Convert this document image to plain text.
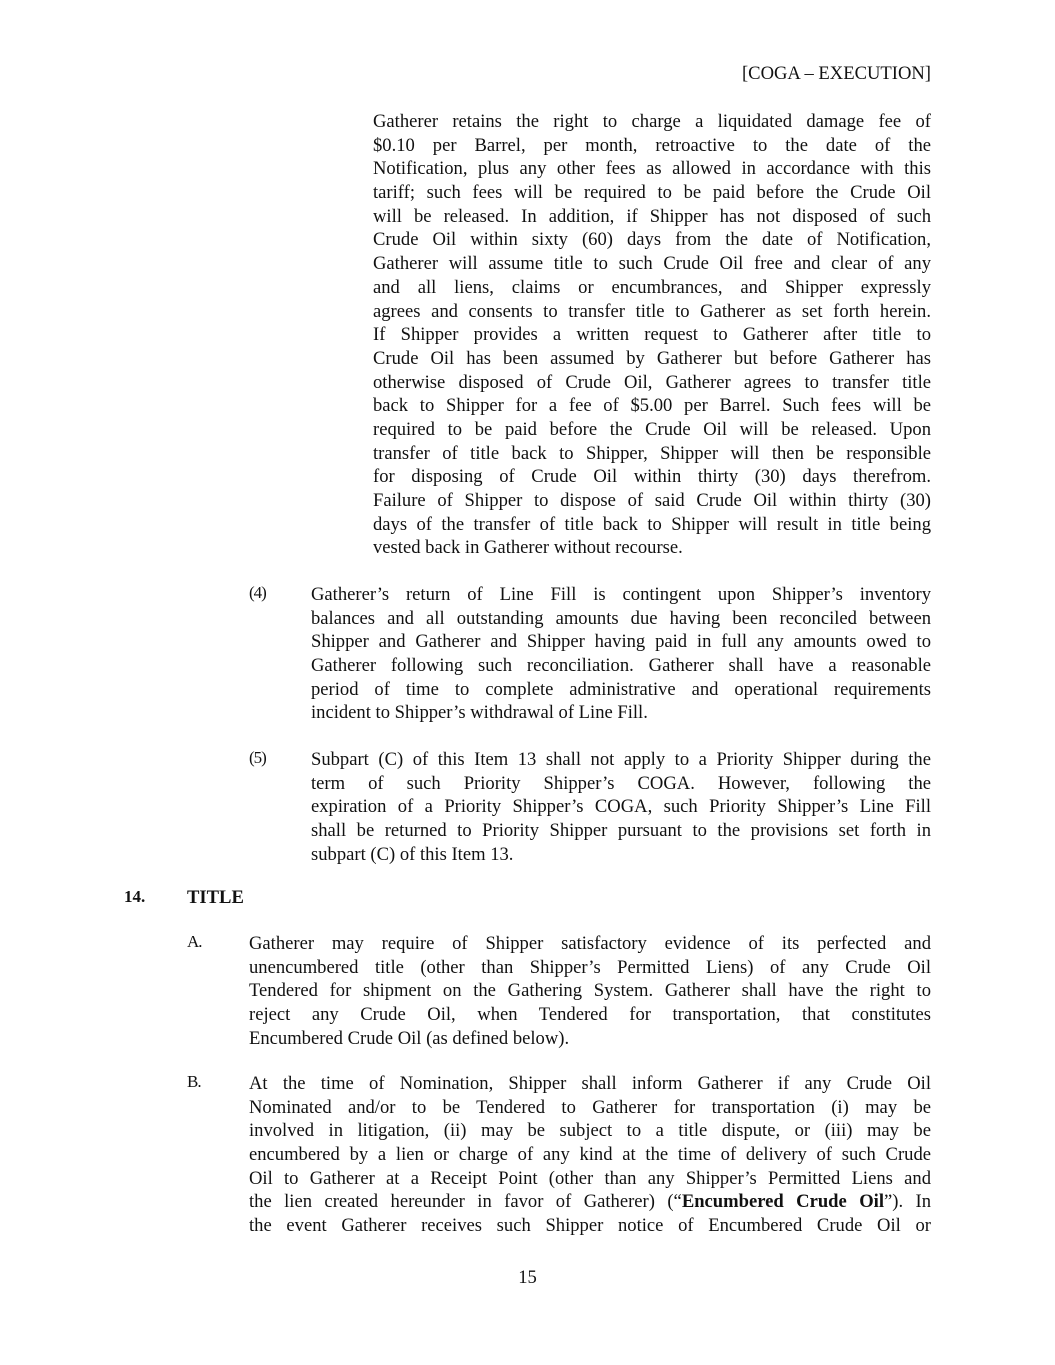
[COGA – EXECUTION]
Gatherer retains the right to charge a liquidated damage fee of
$0.10 per Barrel, per month, retroactive to the date of the
Notification, plus any other fees as allowed in accordance with this
tariff; such fees will be required to be paid before the Crude Oil
will be released. In addition, if Shipper has not disposed of such
Crude Oil within sixty (60) days from the date of Notification,
Gatherer will assume title to such Crude Oil free and clear of any
and all liens, claims or encumbrances, and Shipper expressly
agrees and consents to transfer title to Gatherer as set forth herein.
If Shipper provides a written request to Gatherer after title to
Crude Oil has been assumed by Gatherer but before Gatherer has
otherwise disposed of Crude Oil, Gatherer agrees to transfer title
back to Shipper for a fee of $5.00 per Barrel. Such fees will be
required to be paid before the Crude Oil will be released. Upon
transfer of title back to Shipper, Shipper will then be responsible
for disposing of Crude Oil within thirty (30) days therefrom.
Failure of Shipper to dispose of said Crude Oil within thirty (30)
days of the transfer of title back to Shipper will result in title being
vested back in Gatherer without recourse.
(4) Gatherer’s return of Line Fill is contingent upon Shipper’s inventory
balances and all outstanding amounts due having been reconciled between
Shipper and Gatherer and Shipper having paid in full any amounts owed to
Gatherer following such reconciliation. Gatherer shall have a reasonable
period of time to complete administrative and operational requirements
incident to Shipper’s withdrawal of Line Fill.
(5) Subpart (C) of this Item 13 shall not apply to a Priority Shipper during the
term of such Priority Shipper’s COGA. However, following the
expiration of a Priority Shipper’s COGA, such Priority Shipper’s Line Fill
shall be returned to Priority Shipper pursuant to the provisions set forth in
subpart (C) of this Item 13.
14. TITLE
A.	Gatherer may require of Shipper satisfactory evidence of its perfected and
unencumbered title (other than Shipper’s Permitted Liens) of any Crude Oil
Tendered for shipment on the Gathering System. Gatherer shall have the right to
reject any Crude Oil, when Tendered for transportation, that constitutes
Encumbered Crude Oil (as defined below).
B.	At the time of Nomination, Shipper shall inform Gatherer if any Crude Oil
Nominated and/or to be Tendered to Gatherer for transportation (i) may be
involved in litigation, (ii) may be subject to a title dispute, or (iii) may be
encumbered by a lien or charge of any kind at the time of delivery of such Crude
Oil to Gatherer at a Receipt Point (other than any Shipper’s Permitted Liens and
the lien created hereunder in favor of Gatherer) (“Encumbered Crude Oil”). In
the event Gatherer receives such Shipper notice of Encumbered Crude Oil or
15
